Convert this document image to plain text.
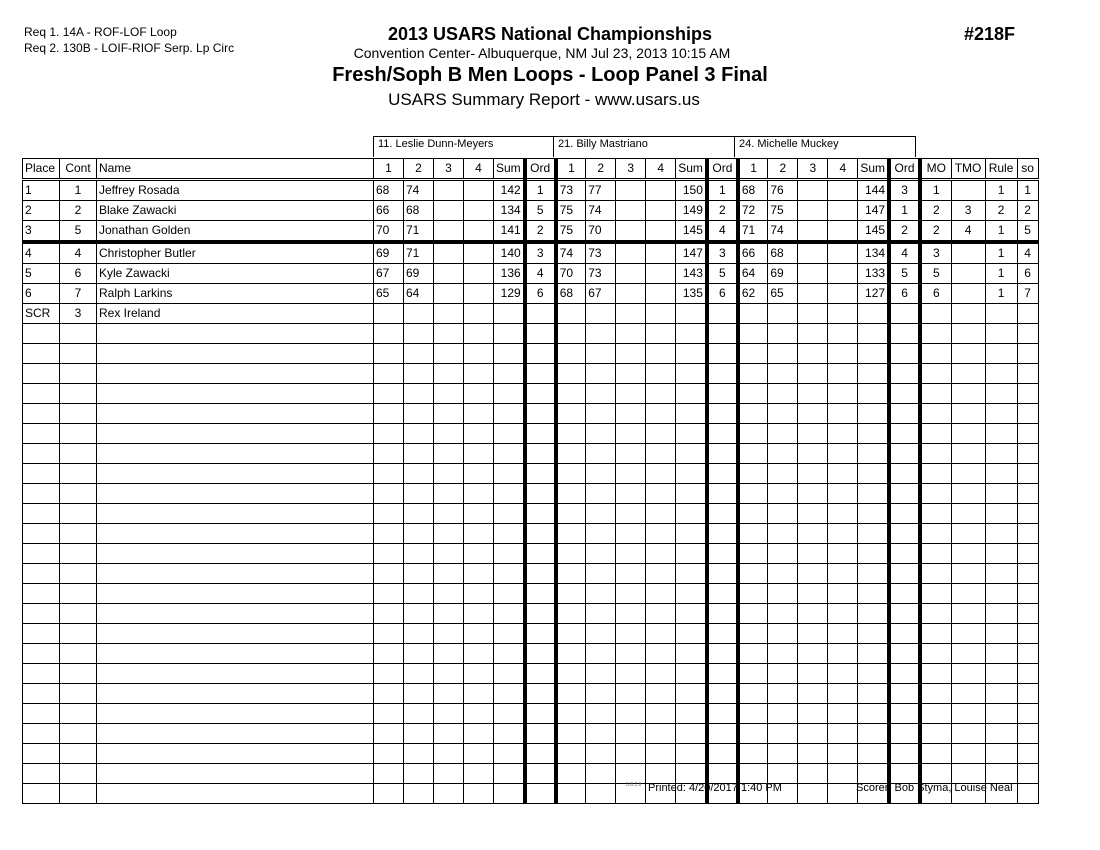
Req 1. 14A - ROF-LOF Loop
Req 2. 130B - LOIF-RIOF Serp. Lp Circ
2013 USARS National Championships
Convention Center- Albuquerque, NM Jul 23, 2013 10:15 AM
Fresh/Soph B Men Loops - Loop Panel 3 Final
USARS Summary Report - www.usars.us
#218F
11. Leslie Dunn-Meyers	21. Billy Mastriano	24. Michelle Muckey
Place	Cont	Name	1	2	3	4	Sum	Ord	1	2	3	4	Sum	Ord	1	2	3	4	Sum	Ord	MO	TMO	Rule	so
1	1	Jeffrey Rosada	68	74			142	1	73	77			150	1	68	76			144	3	1		1	1
2	2	Blake Zawacki	66	68			134	5	75	74			149	2	72	75			147	1	2	3	2	2
3	5	Jonathan Golden	70	71			141	2	75	70			145	4	71	74			145	2	2	4	1	5
4	4	Christopher Butler	69	71			140	3	74	73			147	3	66	68			134	4	3		1	4
5	6	Kyle Zawacki	67	69			136	4	70	73			143	5	64	69			133	5	5		1	6
6	7	Ralph Larkins	65	64			129	6	68	67			135	6	62	65			127	6	6		1	7
SCR	3	Rex Ireland																						

3.8.1.8 Printed: 4/20/2017 1:40 PM	Scorer: Bob Styma, Louise Neal
